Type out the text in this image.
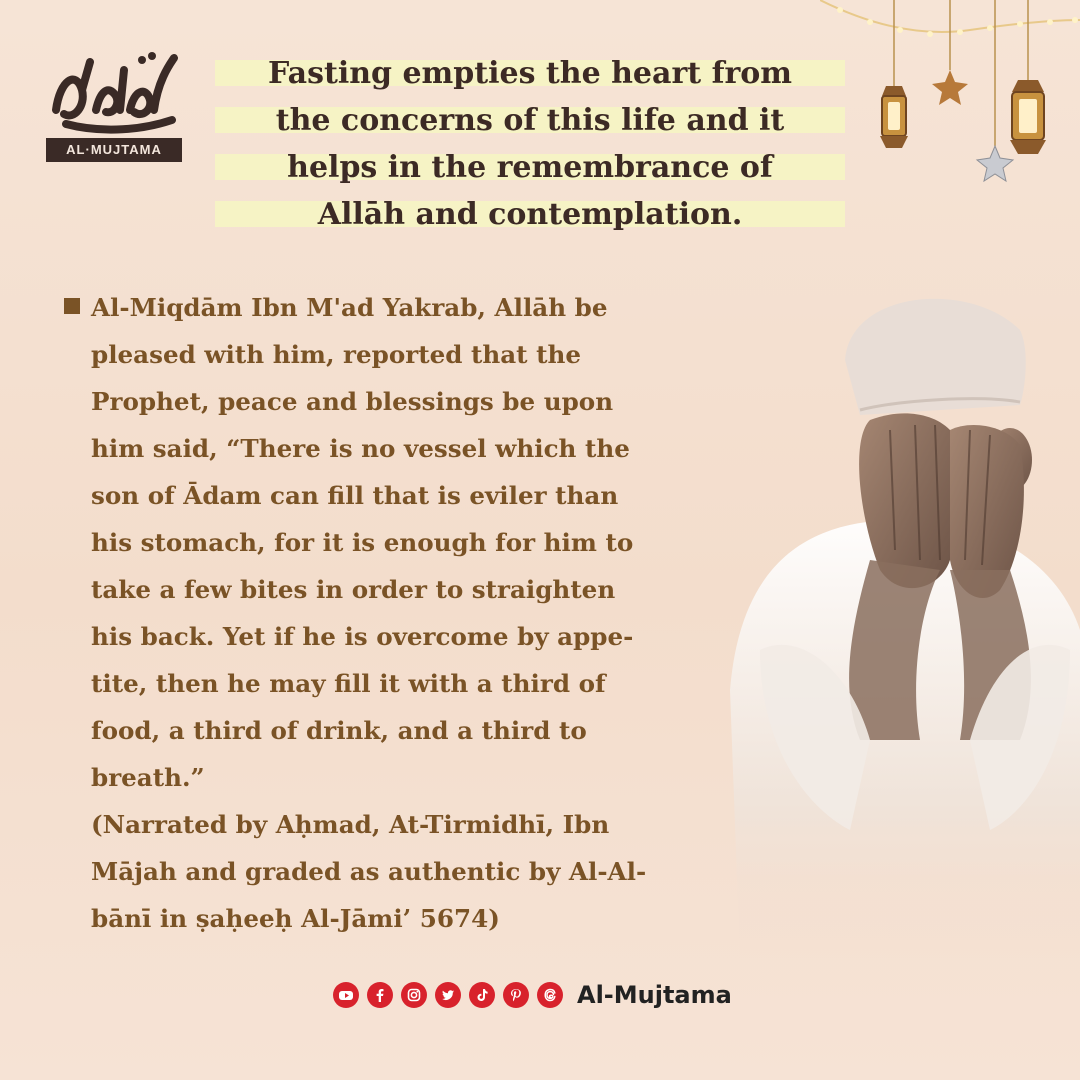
AL·MUJTAMA
Fasting empties the heart from
the concerns of this life and it
helps in the remembrance of
Allāh and contemplation.
Al-Miqdām Ibn M'ad Yakrab, Allāh be
pleased with him, reported that the
Prophet, peace and blessings be upon
him said, “There is no vessel which the
son of Ādam can fill that is eviler than
his stomach, for it is enough for him to
take a few bites in order to straighten
his back. Yet if he is overcome by appe-
tite, then he may fill it with a third of
food, a third of drink, and a third to
breath.”
(Narrated by Aḥmad, At-Tirmidhī, Ibn
Mājah and graded as authentic by Al-Al-
bānī in ṣaḥeeḥ Al-Jāmi’ 5674)
Al-Mujtama
